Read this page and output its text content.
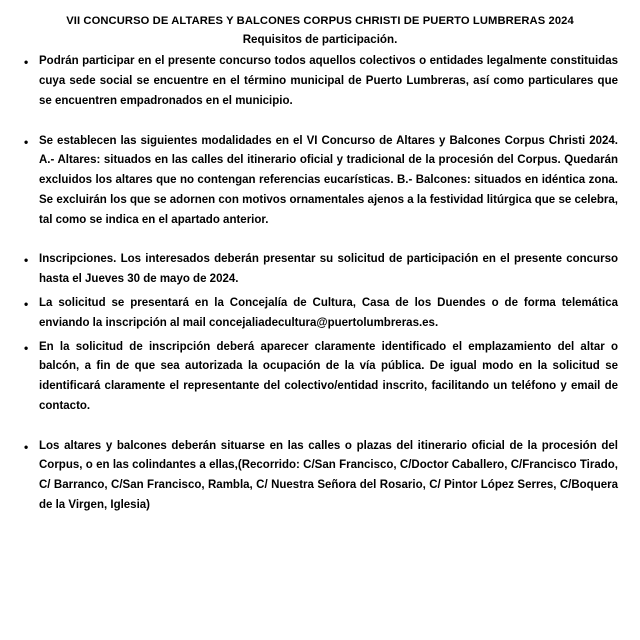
VII CONCURSO DE ALTARES Y BALCONES CORPUS CHRISTI DE PUERTO LUMBRERAS 2024
Requisitos de participación.
• Podrán participar en el presente concurso todos aquellos colectivos o entidades legalmente constituidas cuya sede social se encuentre en el término municipal de Puerto Lumbreras, así como particulares que se encuentren empadronados en el municipio.
• Se establecen las siguientes modalidades en el VI Concurso de Altares y Balcones Corpus Christi 2024. A.- Altares: situados en las calles del itinerario oficial y tradicional de la procesión del Corpus. Quedarán excluidos los altares que no contengan referencias eucarísticas. B.- Balcones: situados en idéntica zona. Se excluirán los que se adornen con motivos ornamentales ajenos a la festividad litúrgica que se celebra, tal como se indica en el apartado anterior.
• Inscripciones. Los interesados deberán presentar su solicitud de participación en el presente concurso hasta el Jueves 30 de mayo de 2024.
• La solicitud se presentará en la Concejalía de Cultura, Casa de los Duendes o de forma telemática enviando la inscripción al mail concejaliadecultura@puertolumbreras.es.
• En la solicitud de inscripción deberá aparecer claramente identificado el emplazamiento del altar o balcón, a fin de que sea autorizada la ocupación de la vía pública. De igual modo en la solicitud se identificará claramente el representante del colectivo/entidad inscrito, facilitando un teléfono y email de contacto.
• Los altares y balcones deberán situarse en las calles o plazas del itinerario oficial de la procesión del Corpus, o en las colindantes a ellas,(Recorrido: C/San Francisco, C/Doctor Caballero, C/Francisco Tirado, C/ Barranco, C/San Francisco, Rambla, C/ Nuestra Señora del Rosario, C/ Pintor López Serres, C/Boquera de la Virgen, Iglesia)
